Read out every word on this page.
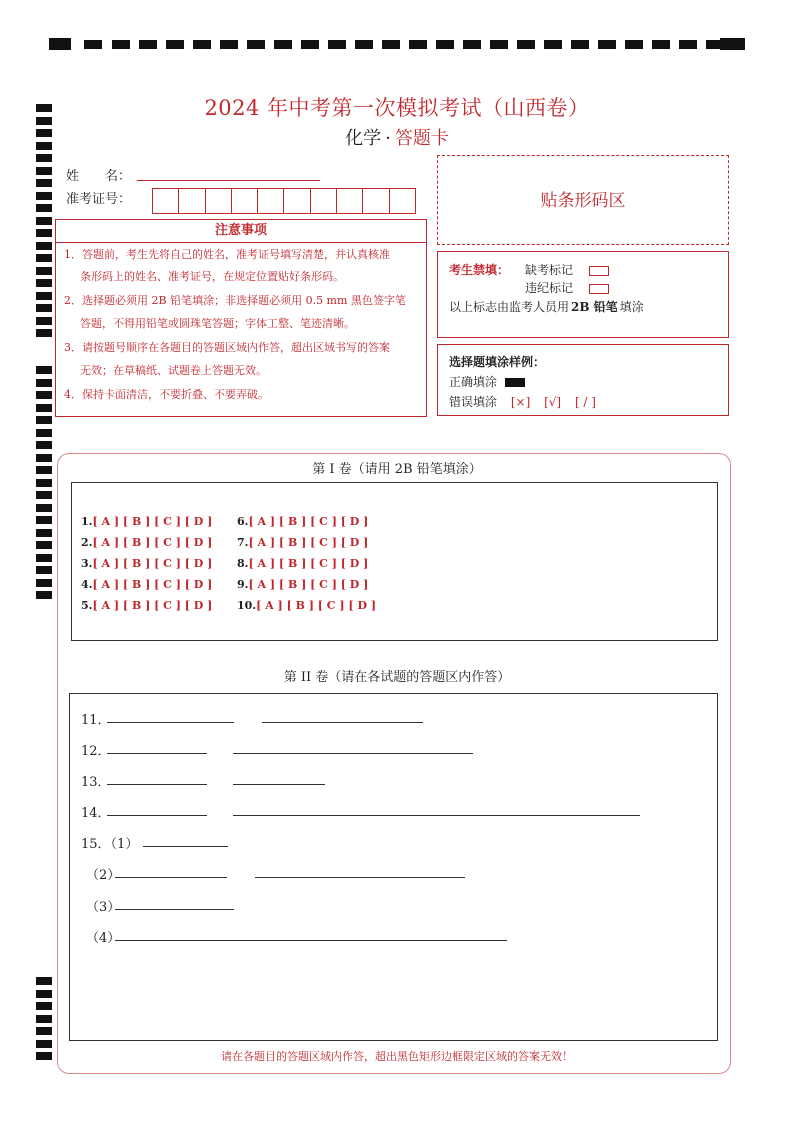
2024 年中考第一次模拟考试（山西卷）
化学 · 答题卡
姓　　名：
准考证号：	贴条形码区
注意事项
1．答题前，考生先将自己的姓名，准考证号填写清楚，并认真核准
条形码上的姓名、准考证号，在规定位置贴好条形码。
2．选择题必须用 2B 铅笔填涂；非选择题必须用 0.5 mm 黑色签字笔
答题，不得用铅笔或圆珠笔答题；字体工整、笔迹清晰。
3．请按题号顺序在各题目的答题区域内作答，超出区域书写的答案
无效；在草稿纸、试题卷上答题无效。
4．保持卡面清洁，不要折叠、不要弄破。
考生禁填： 缺考标记
违纪标记
以上标志由监考人员用 2B 铅笔 填涂
选择题填涂样例：
正确填涂
错误填涂 [×] [√] [ / ]
第 I 卷（请用 2B 铅笔填涂）
第 II 卷（请在各试题的答题区内作答）
11．
12．
13．
14．
15．（1）
（2）
（3）
（4）
请在各题目的答题区域内作答，超出黑色矩形边框限定区域的答案无效！
1.[ A ] [ B ] [ C ] [ D ]
2.[ A ] [ B ] [ C ] [ D ]
3.[ A ] [ B ] [ C ] [ D ]
4.[ A ] [ B ] [ C ] [ D ]
5.[ A ] [ B ] [ C ] [ D ]
6.[ A ] [ B ] [ C ] [ D ]
7.[ A ] [ B ] [ C ] [ D ]
8.[ A ] [ B ] [ C ] [ D ]
9.[ A ] [ B ] [ C ] [ D ]
10.[ A ] [ B ] [ C ] [ D ]
